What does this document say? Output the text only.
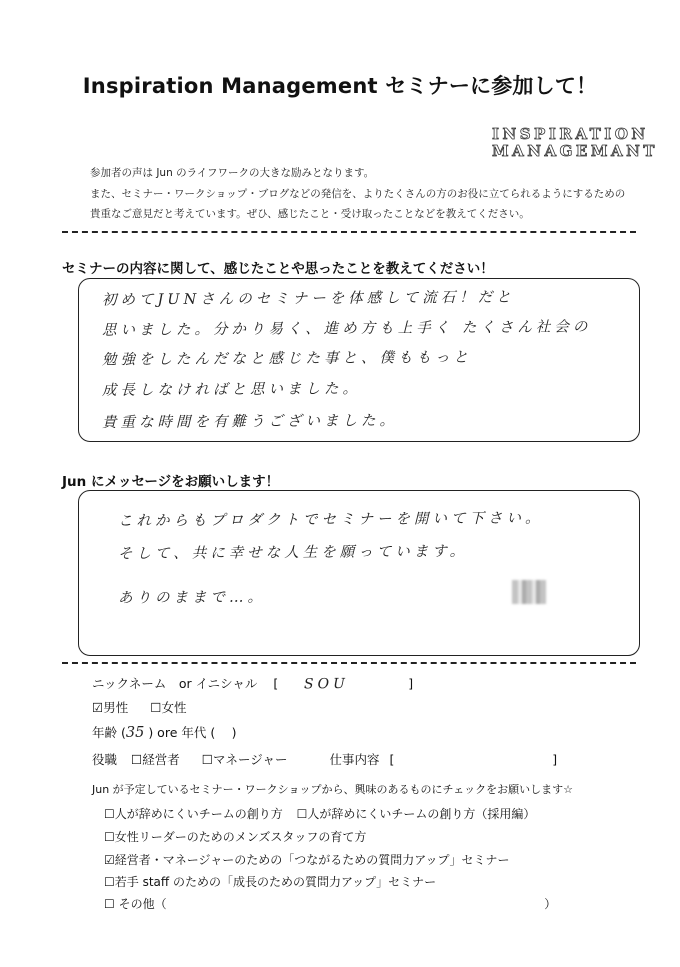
Inspiration Management セミナーに参加して！
INSPIRATION
MANAGEMANT
参加者の声は Jun のライフワークの大きな励みとなります。
また、セミナー・ワークショップ・ブログなどの発信を、よりたくさんの方のお役に立てられるようにするための
貴重なご意見だと考えています。ぜひ、感じたこと・受け取ったことなどを教えてください。
セミナーの内容に関して、感じたことや思ったことを教えてください！
初めてJUNさんのセミナーを体感して流石！だと
思いました。分かり易く、進め方も上手く たくさん社会の
勉強をしたんだなと感じた事と、僕ももっと
成長しなければと思いました。
貴重な時間を有難うございました。
Jun にメッセージをお願いします！
これからもプロダクトでセミナーを開いて下さい。
そして、共に幸せな人生を願っています。
ありのままで…。
ニックネーム　or イニシャル [ SOU	]
☑男性 ☐女性
年齢 (35 ) ore 年代 (　 )
役職 ☐経営者 ☐マネージャー	仕事内容 [	]
Jun が予定しているセミナー・ワークショップから、興味のあるものにチェックをお願いします☆
☐人が辞めにくいチームの創り方 ☐人が辞めにくいチームの創り方（採用編）
☐女性リーダーのためのメンズスタッフの育て方
☑経営者・マネージャーのための「つながるための質問力アップ」セミナー
☐若手 staff のための「成長のための質問力アップ」セミナー
☐ その他（	）
